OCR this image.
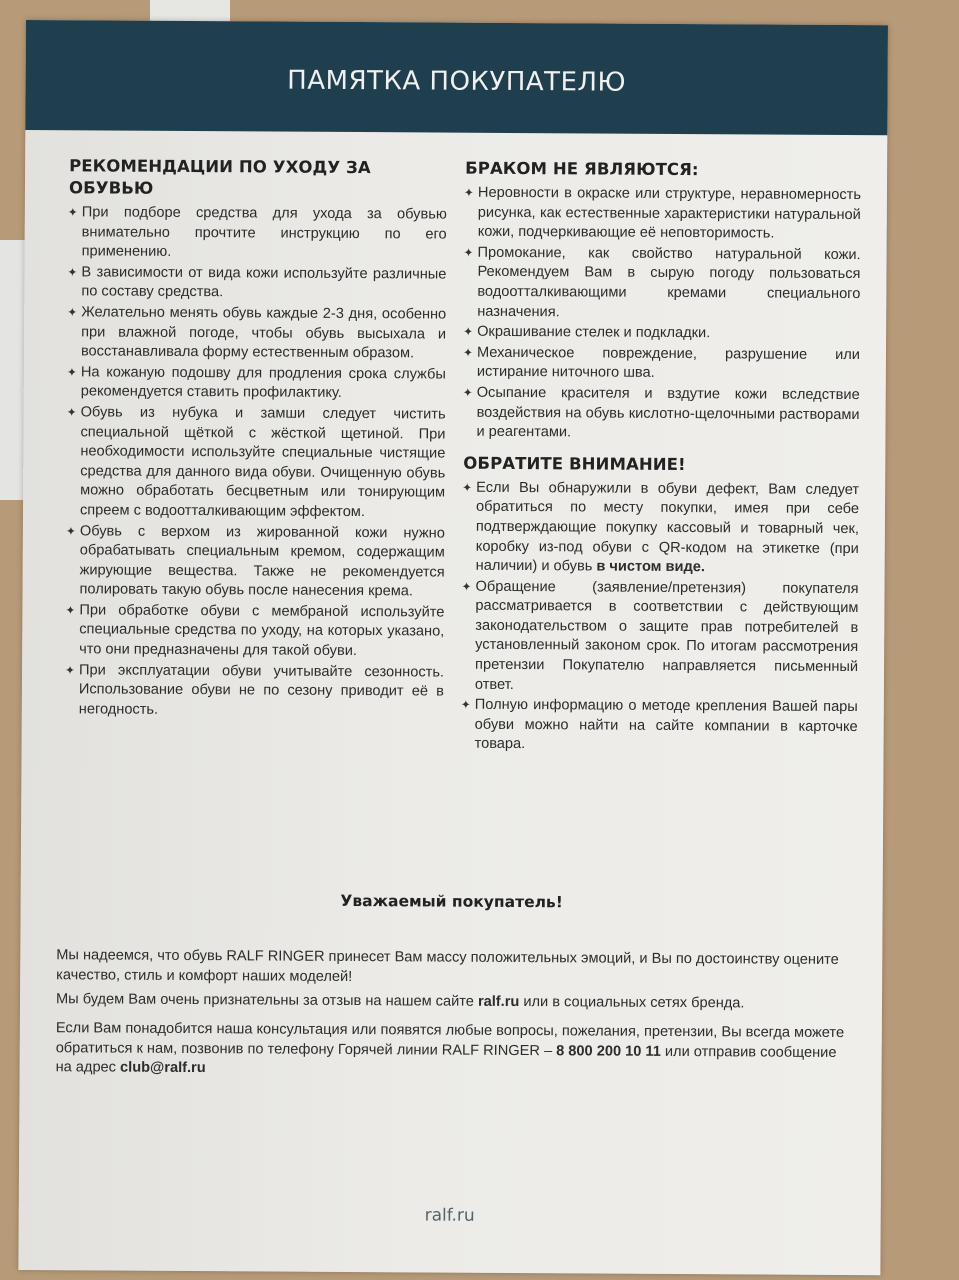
ПАМЯТКА ПОКУПАТЕЛЮ
РЕКОМЕНДАЦИИ ПО УХОДУ ЗА ОБУВЬЮ
✦ При подборе средства для ухода за обувью внимательно прочтите инструкцию по его применению.
✦ В зависимости от вида кожи используйте различные по составу средства.
✦ Желательно менять обувь каждые 2-3 дня, особенно при влажной погоде, чтобы обувь высыхала и восстанавливала форму естественным образом.
✦ На кожаную подошву для продления срока службы рекомендуется ставить профилактику.
✦ Обувь из нубука и замши следует чистить специальной щёткой с жёсткой щетиной. При необходимости используйте специальные чистящие средства для данного вида обуви. Очищенную обувь можно обработать бесцветным или тонирующим спреем с водоотталкивающим эффектом.
✦ Обувь с верхом из жированной кожи нужно обрабатывать специальным кремом, содержащим жирующие вещества. Также не рекомендуется полировать такую обувь после нанесения крема.
✦ При обработке обуви с мембраной используйте специальные средства по уходу, на которых указано, что они предназначены для такой обуви.
✦ При эксплуатации обуви учитывайте сезонность. Использование обуви не по сезону приводит её в негодность.
БРАКОМ НЕ ЯВЛЯЮТСЯ:
✦ Неровности в окраске или структуре, неравномерность рисунка, как естественные характеристики натуральной кожи, подчеркивающие её неповторимость.
✦ Промокание, как свойство натуральной кожи. Рекомендуем Вам в сырую погоду пользоваться водоотталкивающими кремами специального назначения.
✦ Окрашивание стелек и подкладки.
✦ Механическое повреждение, разрушение или истирание ниточного шва.
✦ Осыпание красителя и вздутие кожи вследствие воздействия на обувь кислотно-щелочными растворами и реагентами.
ОБРАТИТЕ ВНИМАНИЕ!
✦ Если Вы обнаружили в обуви дефект, Вам следует обратиться по месту покупки, имея при себе подтверждающие покупку кассовый и товарный чек, коробку из-под обуви с QR-кодом на этикетке (при наличии) и обувь в чистом виде.
✦ Обращение (заявление/претензия) покупателя рассматривается в соответствии с действующим законодательством о защите прав потребителей в установленный законом срок. По итогам рассмотрения претензии Покупателю направляется письменный ответ.
✦ Полную информацию о методе крепления Вашей пары обуви можно найти на сайте компании в карточке товара.
Уважаемый покупатель!
Мы надеемся, что обувь RALF RINGER принесет Вам массу положительных эмоций, и Вы по достоинству оцените качество, стиль и комфорт наших моделей!
Мы будем Вам очень признательны за отзыв на нашем сайте ralf.ru или в социальных сетях бренда.
Если Вам понадобится наша консультация или появятся любые вопросы, пожелания, претензии, Вы всегда можете обратиться к нам, позвонив по телефону Горячей линии RALF RINGER – 8 800 200 10 11 или отправив сообщение на адрес club@ralf.ru
ralf.ru
